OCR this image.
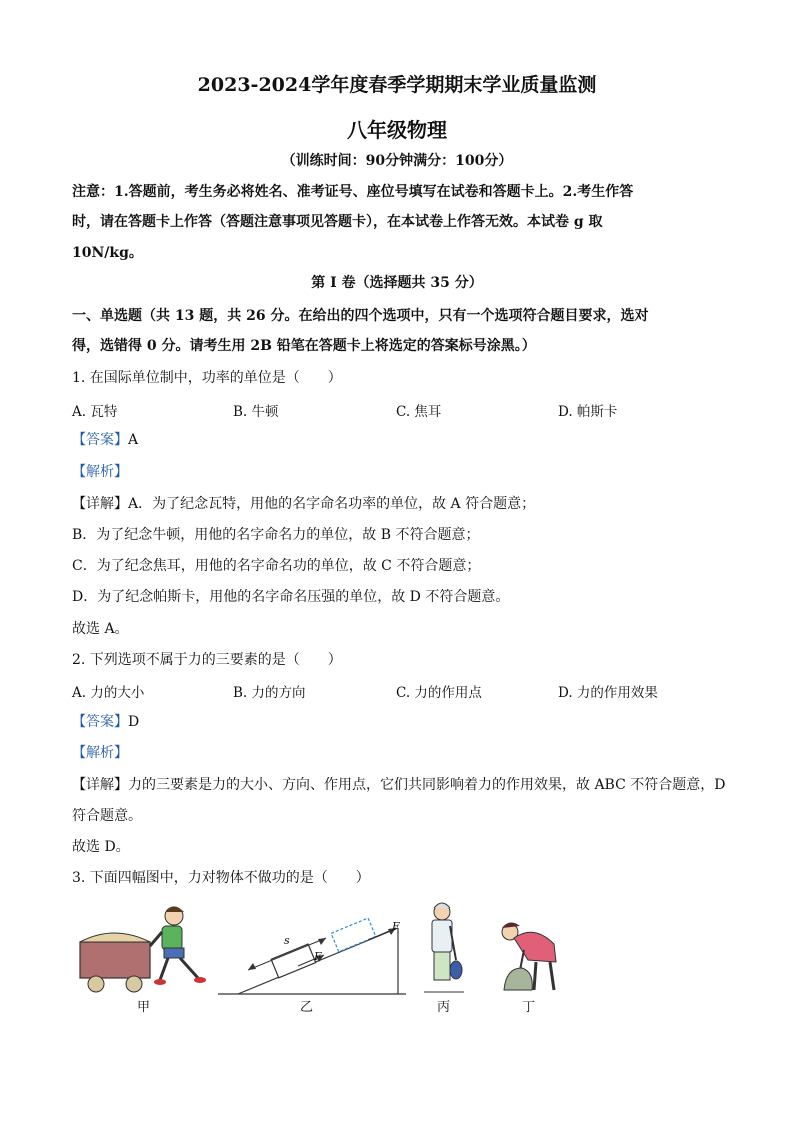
2023-2024学年度春季学期期末学业质量监测
八年级物理
（训练时间：90分钟满分：100分）
注意：1.答题前，考生务必将姓名、准考证号、座位号填写在试卷和答题卡上。2.考生作答
时，请在答题卡上作答（答题注意事项见答题卡），在本试卷上作答无效。本试卷 g 取
10N/kg。
第 I 卷（选择题共 35 分）
一、单选题（共 13 题，共 26 分。在给出的四个选项中，只有一个选项符合题目要求，选对
得，选错得 0 分。请考生用 2B 铅笔在答题卡上将选定的答案标号涂黑。）
1. 在国际单位制中，功率的单位是（　　）
A. 瓦特	B. 牛顿	C. 焦耳	D. 帕斯卡
【答案】A
【解析】
【详解】A．为了纪念瓦特，用他的名字命名功率的单位，故 A 符合题意；
B．为了纪念牛顿，用他的名字命名力的单位，故 B 不符合题意；
C．为了纪念焦耳，用他的名字命名功的单位，故 C 不符合题意；
D．为了纪念帕斯卡，用他的名字命名压强的单位，故 D 不符合题意。
故选 A。
2. 下列选项不属于力的三要素的是（　　）
A. 力的大小	B. 力的方向	C. 力的作用点	D. 力的作用效果
【答案】D
【解析】
【详解】力的三要素是力的大小、方向、作用点，它们共同影响着力的作用效果，故 ABC 不符合题意，D
符合题意。
故选 D。
3. 下面四幅图中，力对物体不做功的是（　　）
甲
s
F
F
乙	丙	丁
